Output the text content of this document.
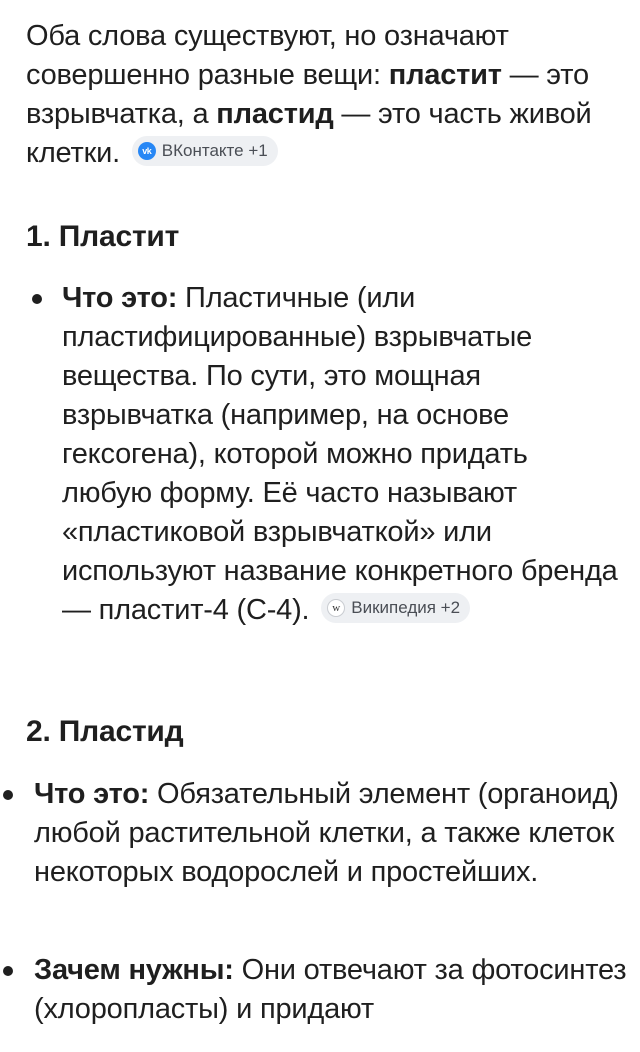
Оба слова существуют, но означают совершенно разные вещи: пластит — это взрывчатка, а пластид — это часть живой клетки.	vk ВКонтакте +1

1. Пластит

Что это: Пластичные (или пластифицированные) взрывчатые вещества. По сути, это мощная взрывчатка (например, на основе гексогена), которой можно придать любую форму. Её часто называют «пластиковой взрывчаткой» или используют название конкретного бренда — пластит-4 (С-4).	w Википедия +2

2. Пластид

Что это: Обязательный элемент (органоид) любой растительной клетки, а также клеток некоторых водорослей и простейших.

Зачем нужны: Они отвечают за фотосинтез (хлоропласты) и придают
